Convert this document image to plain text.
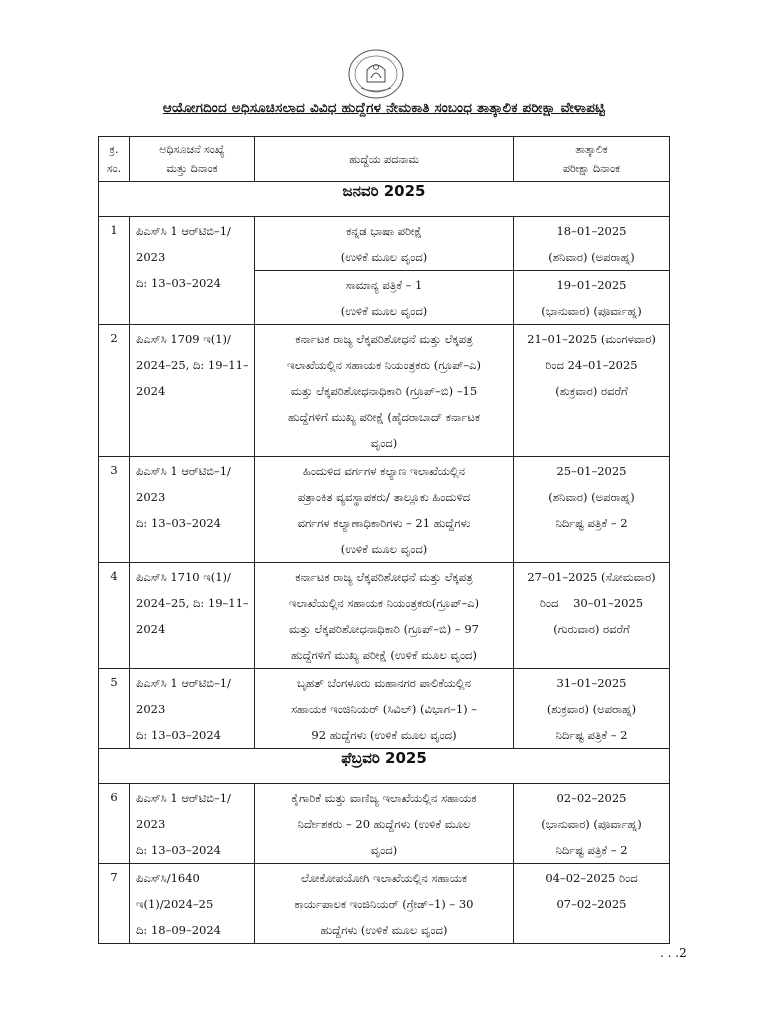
ಆಯೋಗದಿಂದ ಅಧಿಸೂಚಿಸಲಾದ ವಿವಿಧ ಹುದ್ದೆಗಳ ನೇಮಕಾತಿ ಸಂಬಂಧ ತಾತ್ಕಾಲಿಕ ಪರೀಕ್ಷಾ ವೇಳಾಪಟ್ಟಿ
ಕ್ರ.
ಸಂ.	ಅಧಿಸೂಚನೆ ಸಂಖ್ಯೆ
ಮತ್ತು ದಿನಾಂಕ	ಹುದ್ದೆಯ ಪದನಾಮ	ತಾತ್ಕಾಲಿಕ
ಪರೀಕ್ಷಾ ದಿನಾಂಕ

ಜನವರಿ 2025			
1	ಪಿಎಸ್‌ಸಿ 1 ಆರ್‌ಟಿಬಿ–1/
2023
ದಿ: 13–03–2024	ಕನ್ನಡ ಭಾಷಾ ಪರೀಕ್ಷೆ
(ಉಳಿಕೆ ಮೂಲ ವೃಂದ)	18–01–2025
(ಶನಿವಾರ) (ಅಪರಾಹ್ನ)

		ಸಾಮಾನ್ಯ ಪತ್ರಿಕೆ – 1
(ಉಳಿಕೆ ಮೂಲ ವೃಂದ)	19–01–2025
(ಭಾನುವಾರ) (ಪೂರ್ವಾಹ್ನ)

2	ಪಿಎಸ್‌ಸಿ 1709 ಇ(1)/
2024–25, ದಿ: 19–11–
2024	ಕರ್ನಾಟಕ ರಾಜ್ಯ ಲೆಕ್ಕಪರಿಶೋಧನೆ ಮತ್ತು ಲೆಕ್ಕಪತ್ರ
ಇಲಾಖೆಯಲ್ಲಿನ ಸಹಾಯಕ ನಿಯಂತ್ರಕರು (ಗ್ರೂಪ್–ಎ)
ಮತ್ತು ಲೆಕ್ಕಪರಿಶೋಧನಾಧಿಕಾರಿ (ಗ್ರೂಪ್–ಬಿ) –15
ಹುದ್ದೆಗಳಿಗೆ ಮುಖ್ಯ ಪರೀಕ್ಷೆ (ಹೈದರಾಬಾದ್ ಕರ್ನಾಟಕ
ವೃಂದ)	21–01–2025 (ಮಂಗಳವಾರ)
ರಿಂದ 24–01–2025
(ಶುಕ್ರವಾರ) ರವರೆಗೆ

3	ಪಿಎಸ್‌ಸಿ 1 ಆರ್‌ಟಿಬಿ–1/
2023
ದಿ: 13–03–2024	ಹಿಂದುಳಿದ ವರ್ಗಗಳ ಕಲ್ಯಾಣ ಇಲಾಖೆಯಲ್ಲಿನ
ಪತ್ರಾಂಕಿತ ವ್ಯವಸ್ಥಾಪಕರು/ ತಾಲ್ಲೂಕು ಹಿಂದುಳಿದ
ವರ್ಗಗಳ ಕಲ್ಯಾಣಾಧಿಕಾರಿಗಳು – 21 ಹುದ್ದೆಗಳು
(ಉಳಿಕೆ ಮೂಲ ವೃಂದ)	25–01–2025
(ಶನಿವಾರ) (ಅಪರಾಹ್ನ)
ನಿರ್ದಿಷ್ಟ ಪತ್ರಿಕೆ – 2

4	ಪಿಎಸ್‌ಸಿ 1710 ಇ(1)/
2024–25, ದಿ: 19–11–
2024	ಕರ್ನಾಟಕ ರಾಜ್ಯ ಲೆಕ್ಕಪರಿಶೋಧನೆ ಮತ್ತು ಲೆಕ್ಕಪತ್ರ
ಇಲಾಖೆಯಲ್ಲಿನ ಸಹಾಯಕ ನಿಯಂತ್ರಕರು(ಗ್ರೂಪ್–ಎ)
ಮತ್ತು ಲೆಕ್ಕಪರಿಶೋಧನಾಧಿಕಾರಿ (ಗ್ರೂಪ್–ಬಿ) – 97
ಹುದ್ದೆಗಳಿಗೆ ಮುಖ್ಯ ಪರೀಕ್ಷೆ (ಉಳಿಕೆ ಮೂಲ ವೃಂದ)	27–01–2025 (ಸೋಮವಾರ)
ರಿಂದ    30–01–2025
(ಗುರುವಾರ) ರವರೆಗೆ

5	ಪಿಎಸ್‌ಸಿ 1 ಆರ್‌ಟಿಬಿ–1/
2023
ದಿ: 13–03–2024	ಬೃಹತ್ ಬೆಂಗಳೂರು ಮಹಾನಗರ ಪಾಲಿಕೆಯಲ್ಲಿನ
ಸಹಾಯಕ ಇಂಜಿನಿಯರ್ (ಸಿವಿಲ್) (ವಿಭಾಗ–1) –
92 ಹುದ್ದೆಗಳು (ಉಳಿಕೆ ಮೂಲ ವೃಂದ)	31–01–2025
(ಶುಕ್ರವಾರ) (ಅಪರಾಹ್ನ)
ನಿರ್ದಿಷ್ಟ ಪತ್ರಿಕೆ – 2

ಫೆಬ್ರವರಿ 2025			
6	ಪಿಎಸ್‌ಸಿ 1 ಆರ್‌ಟಿಬಿ–1/
2023
ದಿ: 13–03–2024	ಕೈಗಾರಿಕೆ ಮತ್ತು ವಾಣಿಜ್ಯ ಇಲಾಖೆಯಲ್ಲಿನ ಸಹಾಯಕ
ನಿರ್ದೇಶಕರು – 20 ಹುದ್ದೆಗಳು (ಉಳಿಕೆ ಮೂಲ
ವೃಂದ)	02–02–2025
(ಭಾನುವಾರ) (ಪೂರ್ವಾಹ್ನ)
ನಿರ್ದಿಷ್ಟ ಪತ್ರಿಕೆ – 2

7	ಪಿಎಸ್‌ಸಿ/1640
ಇ(1)/2024–25
ದಿ: 18–09–2024	ಲೋಕೋಪಯೋಗಿ ಇಲಾಖೆಯಲ್ಲಿನ ಸಹಾಯಕ
ಕಾರ್ಯಪಾಲಕ ಇಂಜಿನಿಯರ್ (ಗ್ರೇಡ್–1) – 30
ಹುದ್ದೆಗಳು (ಉಳಿಕೆ ಮೂಲ ವೃಂದ)	04–02–2025 ರಿಂದ
07–02–2025
. . .2
